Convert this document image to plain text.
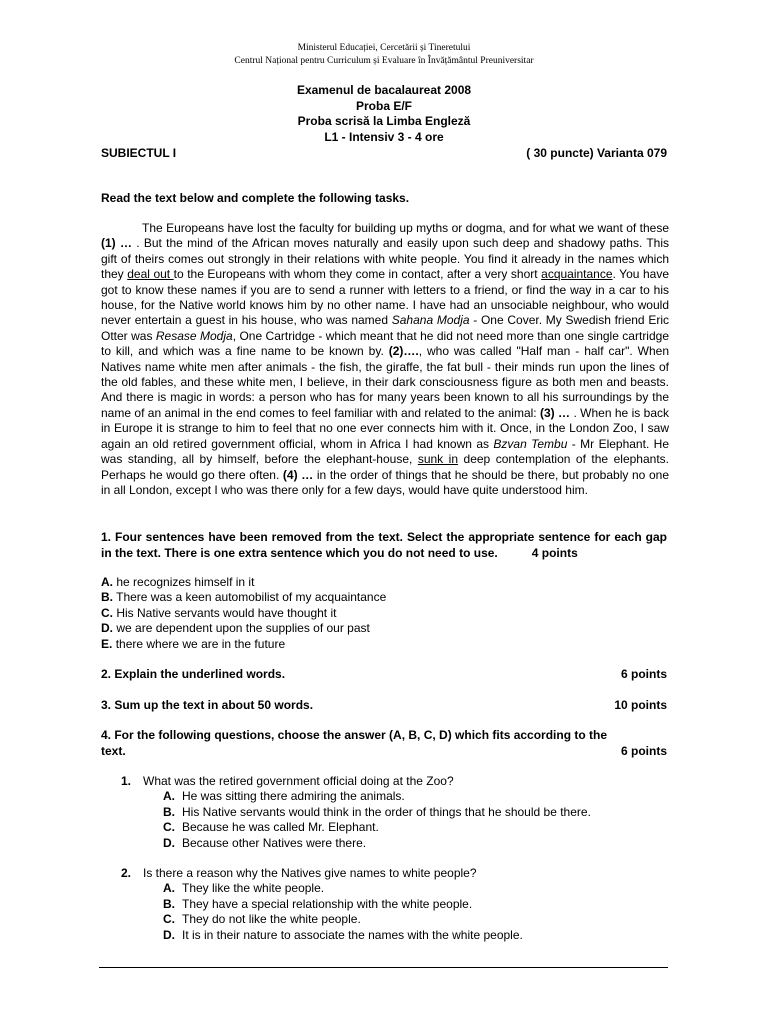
Ministerul Educației, Cercetării și Tineretului
Centrul Național pentru Curriculum și Evaluare în Învățământul Preuniversitar
Examenul de bacalaureat 2008
Proba E/F
Proba scrisă la Limba Engleză
L1 - Intensiv 3 - 4 ore
SUBIECTUL I	( 30 puncte) Varianta 079
Read the text below and complete the following tasks.

The Europeans have lost the faculty for building up myths or dogma, and for what we want of these (1) … . But the mind of the African moves naturally and easily upon such deep and shadowy paths. This gift of theirs comes out strongly in their relations with white people. You find it already in the names which they deal out to the Europeans with whom they come in contact, after a very short acquaintance. You have got to know these names if you are to send a runner with letters to a friend, or find the way in a car to his house, for the Native world knows him by no other name. I have had an unsociable neighbour, who would never entertain a guest in his house, who was named Sahana Modja - One Cover. My Swedish friend Eric Otter was Resase Modja, One Cartridge - which meant that he did not need more than one single cartridge to kill, and which was a fine name to be known by. (2)…., who was called "Half man - half car". When Natives name white men after animals - the fish, the giraffe, the fat bull - their minds run upon the lines of the old fables, and these white men, I believe, in their dark consciousness figure as both men and beasts. And there is magic in words: a person who has for many years been known to all his surroundings by the name of an animal in the end comes to feel familiar with and related to the animal: (3) … . When he is back in Europe it is strange to him to feel that no one ever connects him with it. Once, in the London Zoo, I saw again an old retired government official, whom in Africa I had known as Bzvan Tembu - Mr Elephant. He was standing, all by himself, before the elephant-house, sunk in deep contemplation of the elephants. Perhaps he would go there often. (4) … in the order of things that he should be there, but probably no one in all London, except I who was there only for a few days, would have quite understood him.

1. Four sentences have been removed from the text. Select the appropriate sentence for each gap in the text. There is one extra sentence which you do not need to use.	4 points
A. he recognizes himself in it
B. There was a keen automobilist of my acquaintance
C. His Native servants would have thought it
D. we are dependent upon the supplies of our past
E. there where we are in the future
2. Explain the underlined words.	6 points
3. Sum up the text in about 50 words.	10 points
4. For the following questions, choose the answer (A, B, C, D) which fits according to the
text.	6 points
1. What was the retired government official doing at the Zoo?
A. He was sitting there admiring the animals.
B. His Native servants would think in the order of things that he should be there.
C. Because he was called Mr. Elephant.
D. Because other Natives were there.
2. Is there a reason why the Natives give names to white people?
A. They like the white people.
B. They have a special relationship with the white people.
C. They do not like the white people.
D. It is in their nature to associate the names with the white people.
